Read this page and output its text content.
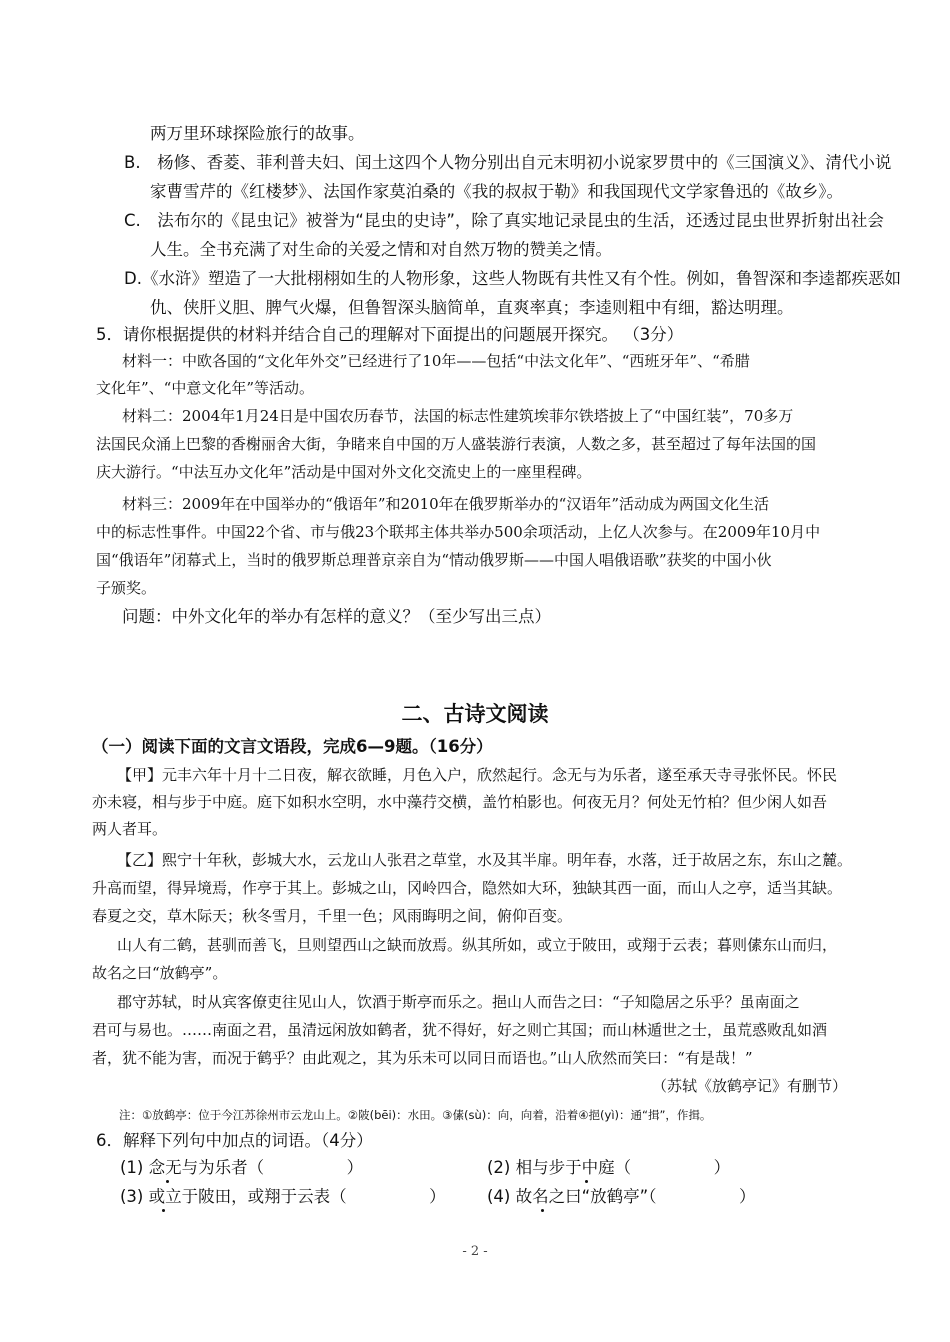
两万里环球探险旅行的故事。
B.　杨修、香菱、菲利普夫妇、闰土这四个人物分别出自元末明初小说家罗贯中的《三国演义》、清代小说
家曹雪芹的《红楼梦》、法国作家莫泊桑的《我的叔叔于勒》和我国现代文学家鲁迅的《故乡》。
C.　法布尔的《昆虫记》被誉为“昆虫的史诗”，除了真实地记录昆虫的生活，还透过昆虫世界折射出社会
人生。全书充满了对生命的关爱之情和对自然万物的赞美之情。
D.《水浒》塑造了一大批栩栩如生的人物形象，这些人物既有共性又有个性。例如，鲁智深和李逵都疾恶如
仇、侠肝义胆、脾气火爆，但鲁智深头脑简单，直爽率真；李逵则粗中有细，豁达明理。
5．请你根据提供的材料并结合自己的理解对下面提出的问题展开探究。 （3分）
材料一：中欧各国的“文化年外交”已经进行了10年——包括“中法文化年”、“西班牙年”、“希腊
文化年”、“中意文化年”等活动。
材料二：2004年1月24日是中国农历春节，法国的标志性建筑埃菲尔铁塔披上了“中国红装”，70多万
法国民众涌上巴黎的香榭丽舍大街，争睹来自中国的万人盛装游行表演，人数之多，甚至超过了每年法国的国
庆大游行。“中法互办文化年”活动是中国对外文化交流史上的一座里程碑。
材料三：2009年在中国举办的“俄语年”和2010年在俄罗斯举办的“汉语年”活动成为两国文化生活
中的标志性事件。中国22个省、市与俄23个联邦主体共举办500余项活动，上亿人次参与。在2009年10月中
国“俄语年”闭幕式上，当时的俄罗斯总理普京亲自为“情动俄罗斯——中国人唱俄语歌”获奖的中国小伙
子颁奖。
问题：中外文化年的举办有怎样的意义？（至少写出三点）
二、古诗文阅读
（一）阅读下面的文言文语段，完成6—9题。（16分）
【甲】元丰六年十月十二日夜，解衣欲睡，月色入户，欣然起行。念无与为乐者，遂至承天寺寻张怀民。怀民
亦未寝，相与步于中庭。庭下如积水空明，水中藻荇交横，盖竹柏影也。何夜无月？何处无竹柏？但少闲人如吾
两人者耳。
【乙】熙宁十年秋，彭城大水，云龙山人张君之草堂，水及其半扉。明年春，水落，迁于故居之东，东山之麓。
升高而望，得异境焉，作亭于其上。彭城之山，冈岭四合，隐然如大环，独缺其西一面，而山人之亭，适当其缺。
春夏之交，草木际天；秋冬雪月，千里一色；风雨晦明之间，俯仰百变。
山人有二鹤，甚驯而善飞，旦则望西山之缺而放焉。纵其所如，或立于陂田，或翔于云表；暮则傃东山而归，
故名之曰“放鹤亭”。
郡守苏轼，时从宾客僚吏往见山人，饮酒于斯亭而乐之。挹山人而告之曰：“子知隐居之乐乎？虽南面之
君可与易也。……南面之君，虽清远闲放如鹤者，犹不得好，好之则亡其国；而山林遁世之士，虽荒惑败乱如酒
者，犹不能为害，而况于鹤乎？由此观之，其为乐未可以同日而语也。”山人欣然而笑曰：“有是哉！”
（苏轼《放鹤亭记》有删节）
注：①放鹤亭：位于今江苏徐州市云龙山上。②陂(bēi)：水田。③傃(sù)：向，向着，沿着④挹(yì)：通“揖”，作揖。
6．解释下列句中加点的词语。（4分）
(1) 念无与为乐者（　　　　　）	(2) 相与步于中庭（　　　　　）
(3) 或立于陂田，或翔于云表（　　　　　）	(4) 故名之曰“放鹤亭”（　　　　　）
- 2 -
